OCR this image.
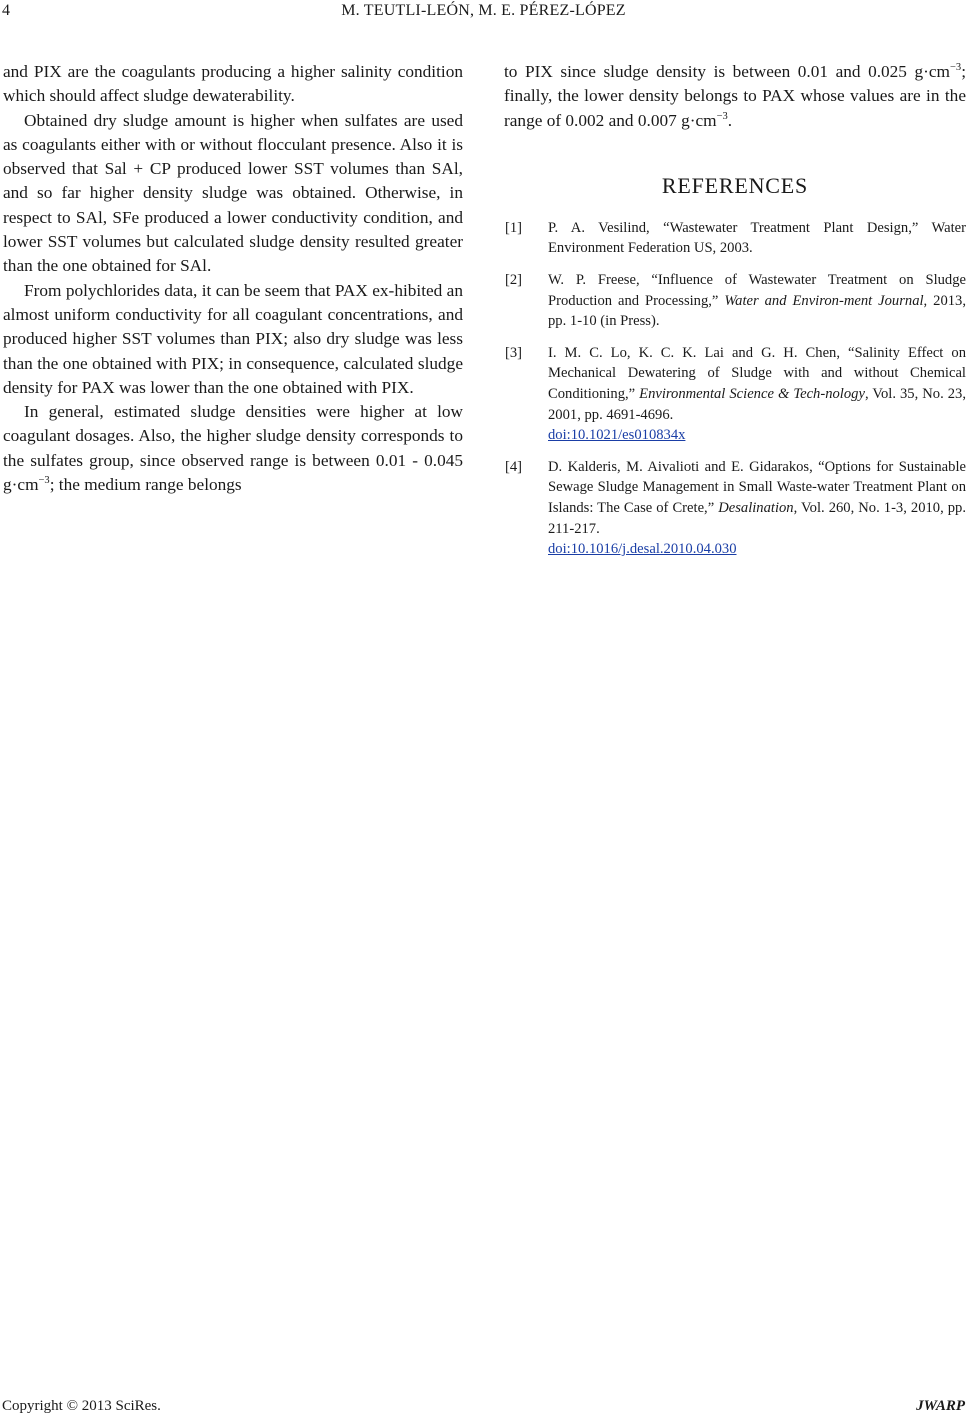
4	M. TEUTLI-LEÓN, M. E. PÉREZ-LÓPEZ

and PIX are the coagulants producing a higher salinity condition which should affect sludge dewaterability.

Obtained dry sludge amount is higher when sulfates are used as coagulants either with or without flocculant presence. Also it is observed that Sal + CP produced lower SST volumes than SAl, and so far higher density sludge was obtained. Otherwise, in respect to SAl, SFe produced a lower conductivity condition, and lower SST volumes but calculated sludge density resulted greater than the one obtained for SAl.

From polychlorides data, it can be seem that PAX ex-hibited an almost uniform conductivity for all coagulant concentrations, and produced higher SST volumes than PIX; also dry sludge was less than the one obtained with PIX; in consequence, calculated sludge density for PAX was lower than the one obtained with PIX.

In general, estimated sludge densities were higher at low coagulant dosages. Also, the higher sludge density corresponds to the sulfates group, since observed range is between 0.01 - 0.045 $g\cdot cm^{-3}$; the medium range belongs

to PIX since sludge density is between 0.01 and 0.025 $g\cdot cm^{-3}$; finally, the lower density belongs to PAX whose values are in the range of 0.002 and 0.007 $g\cdot cm^{-3}$.

REFERENCES
[1] P. A. Vesilind, “Wastewater Treatment Plant Design,” Water Environment Federation US, 2003.
[2] W. P. Freese, “Influence of Wastewater Treatment on Sludge Production and Processing,” Water and Environ-ment Journal, 2013, pp. 1-10 (in Press).
[3] I. M. C. Lo, K. C. K. Lai and G. H. Chen, “Salinity Effect on Mechanical Dewatering of Sludge with and without Chemical Conditioning,” Environmental Science & Tech-nology, Vol. 35, No. 23, 2001, pp. 4691-4696.
doi:10.1021/es010834x
[4] D. Kalderis, M. Aivalioti and E. Gidarakos, “Options for Sustainable Sewage Sludge Management in Small Waste-water Treatment Plant on Islands: The Case of Crete,” Desalination, Vol. 260, No. 1-3, 2010, pp. 211-217.
doi:10.1016/j.desal.2010.04.030
Copyright © 2013 SciRes.	JWARP
